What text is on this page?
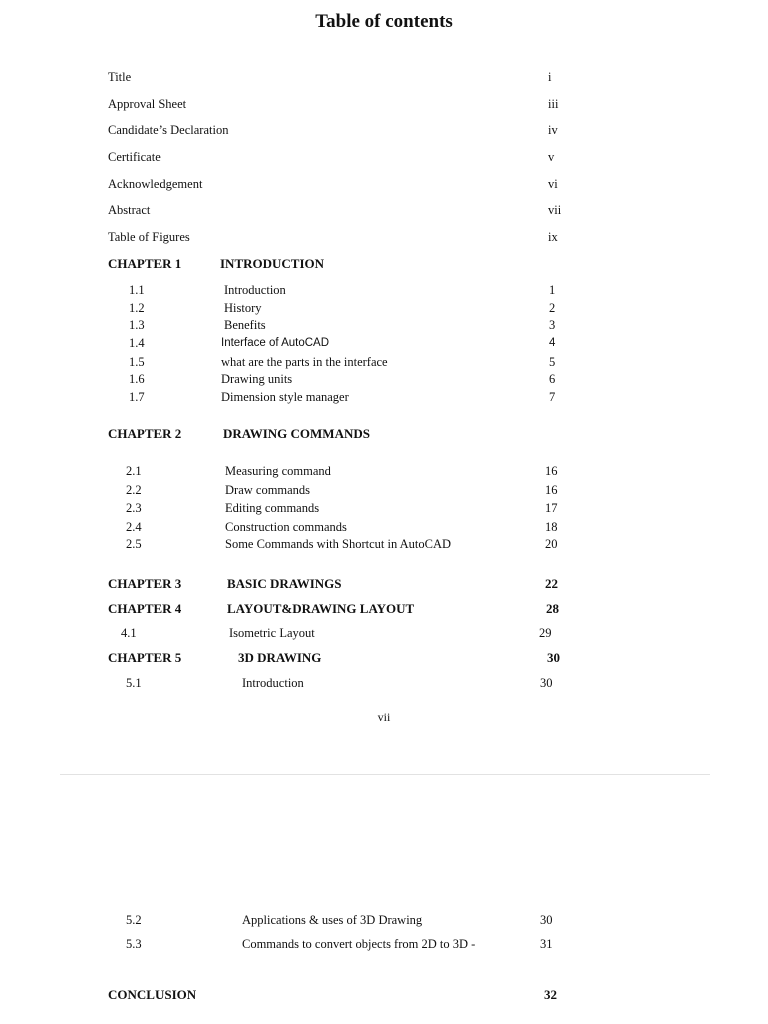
Table of contents
Title	i
Approval Sheet	iii
Candidate’s Declaration	iv
Certificate	v
Acknowledgement	vi
Abstract	vii
Table of Figures	ix
CHAPTER 1	INTRODUCTION
1.1	Introduction	1
1.2	History	2
1.3	Benefits	3
1.4	Interface of AutoCAD	4
1.5	what are the parts in the interface	5
1.6	Drawing units	6
1.7	Dimension style manager	7
CHAPTER 2	DRAWING COMMANDS
2.1	Measuring command	16
2.2	Draw commands	16
2.3	Editing commands	17
2.4	Construction commands	18
2.5	Some Commands with Shortcut in AutoCAD	20
CHAPTER 3	BASIC DRAWINGS	22
CHAPTER 4	LAYOUT&DRAWING LAYOUT	28
4.1	Isometric Layout	29
CHAPTER 5	3D DRAWING	30
5.1	Introduction	30
vii
5.2	Applications & uses of 3D Drawing	30
5.3	Commands to convert objects from 2D to 3D -	31
CONCLUSION	32
